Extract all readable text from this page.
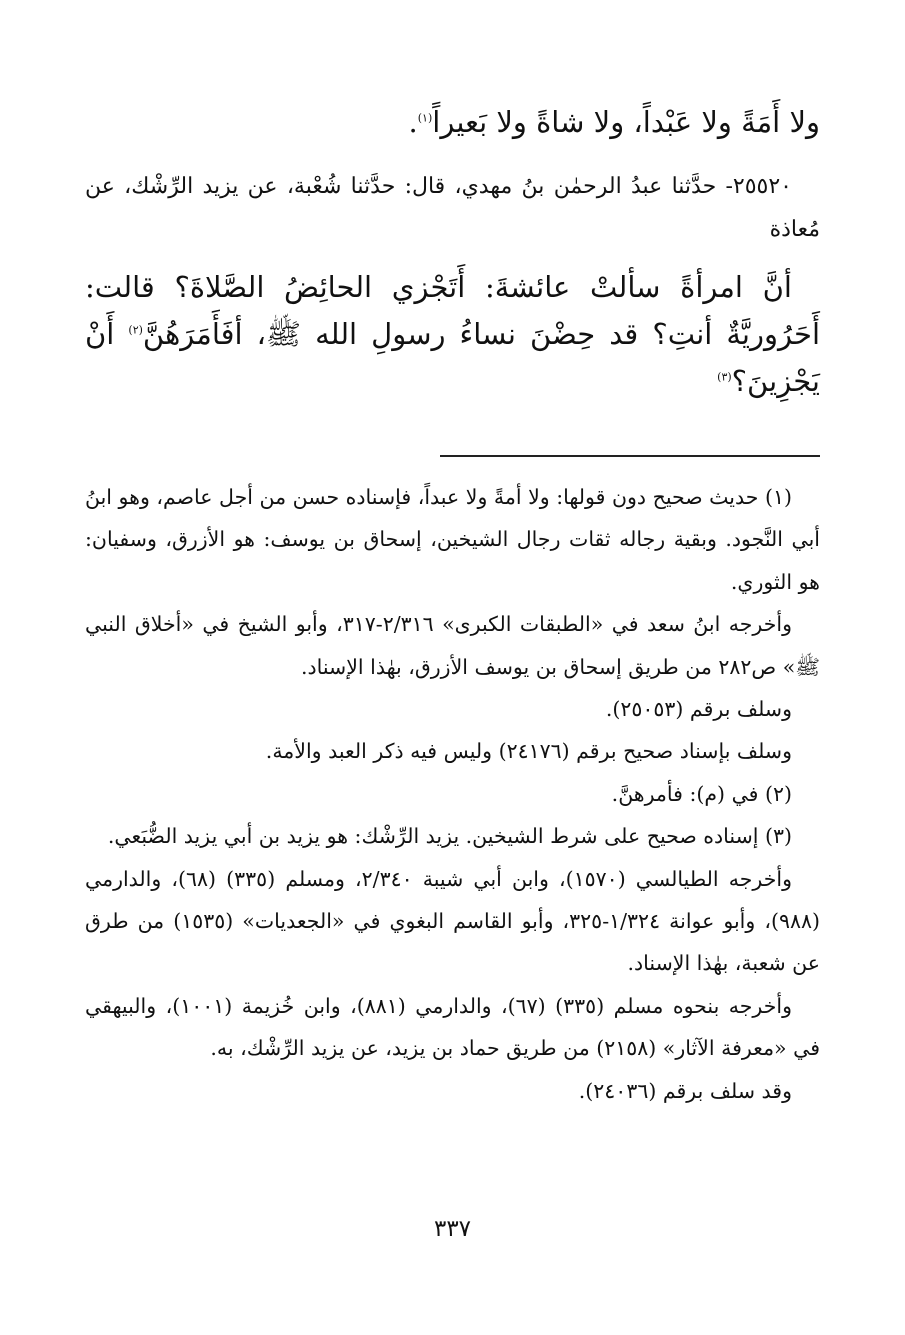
ولا أَمَةً ولا عَبْداً، ولا شاةً ولا بَعيراً$^{(١)}$.

٢٥٥٢٠- حدَّثنا عبدُ الرحمٰن بنُ مهدي، قال: حدَّثنا شُعْبة، عن يزيد الرِّشْك، عن مُعاذة

أنَّ امرأةً سألتْ عائشةَ: أَتَجْزي الحائِضُ الصَّلاةَ؟ قالت: أَحَرُوريَّةٌ أنتِ؟ قد حِضْنَ نساءُ رسولِ الله ﷺ، أفَأَمَرَهُنَّ$^{(٢)}$ أَنْ يَجْزِينَ؟$^{(٣)}$

(١) حديث صحيح دون قولها: ولا أمةً ولا عبداً، فإسناده حسن من أجل عاصم، وهو ابنُ أبي النَّجود. وبقية رجاله ثقات رجال الشيخين، إسحاق بن يوسف: هو الأزرق، وسفيان: هو الثوري.

وأخرجه ابنُ سعد في «الطبقات الكبرى» ٢/٣١٦-٣١٧، وأبو الشيخ في «أخلاق النبي ﷺ» ص٢٨٢ من طريق إسحاق بن يوسف الأزرق، بهٰذا الإسناد.

وسلف برقم (٢٥٠٥٣).

وسلف بإسناد صحيح برقم (٢٤١٧٦) وليس فيه ذكر العبد والأمة.

(٢) في (م): فأمرهنَّ.

(٣) إسناده صحيح على شرط الشيخين. يزيد الرِّشْك: هو يزيد بن أبي يزيد الضُّبَعي.

وأخرجه الطيالسي (١٥٧٠)، وابن أبي شيبة ٢/٣٤٠، ومسلم (٣٣٥) (٦٨)، والدارمي (٩٨٨)، وأبو عوانة ١/٣٢٤-٣٢٥، وأبو القاسم البغوي في «الجعديات» (١٥٣٥) من طرق عن شعبة، بهٰذا الإسناد.

وأخرجه بنحوه مسلم (٣٣٥) (٦٧)، والدارمي (٨٨١)، وابن خُزيمة (١٠٠١)، والبيهقي في «معرفة الآثار» (٢١٥٨) من طريق حماد بن يزيد، عن يزيد الرِّشْك، به.

وقد سلف برقم (٢٤٠٣٦).

٣٣٧
